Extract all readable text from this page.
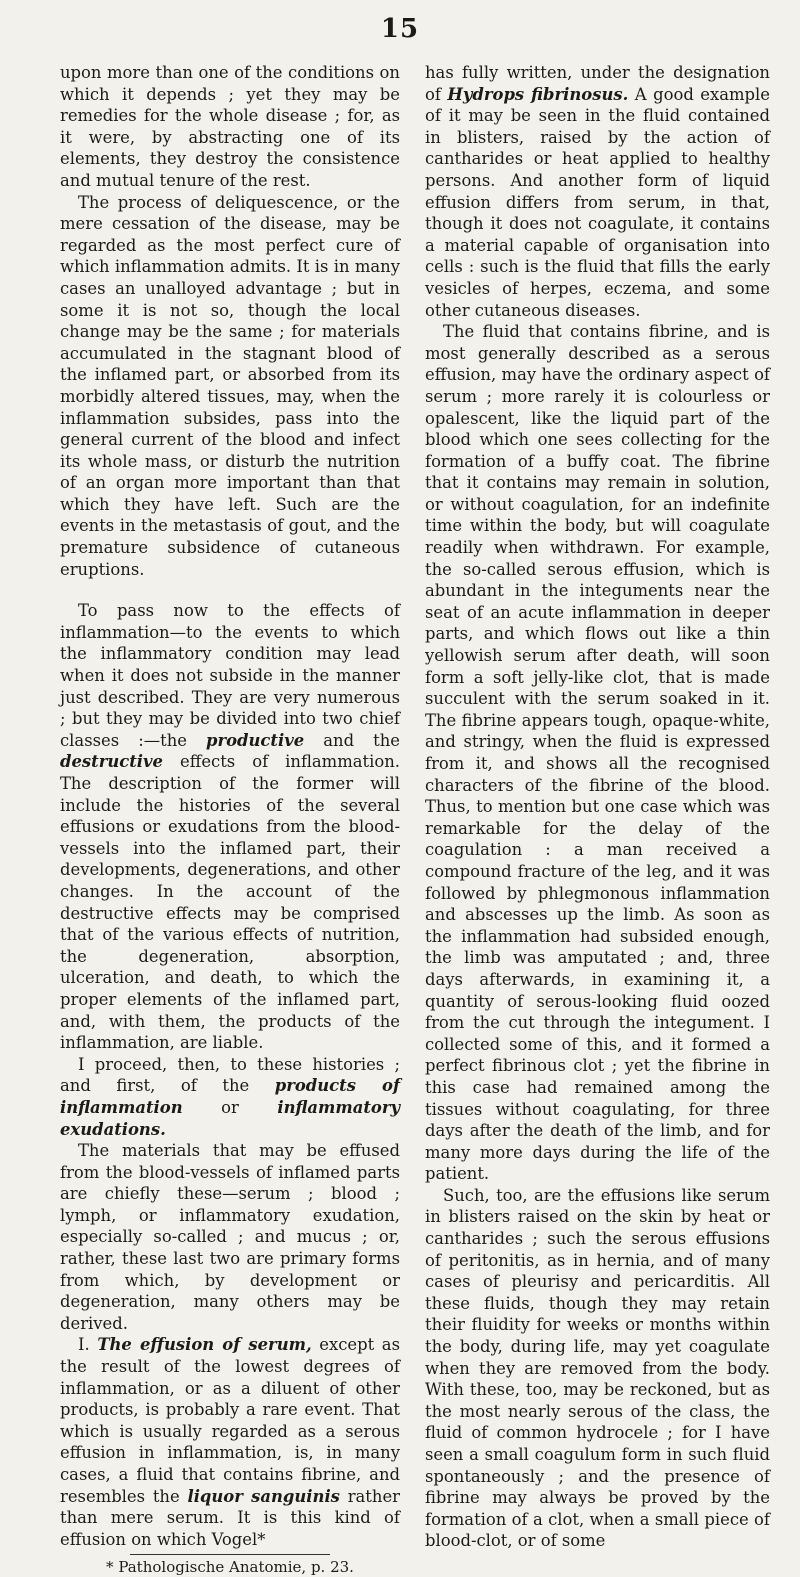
15

upon more than one of the conditions on which it depends ; yet they may be remedies for the whole disease ; for, as it were, by abstracting one of its elements, they destroy the consistence and mutual tenure of the rest.

The process of deliquescence, or the mere cessation of the disease, may be regarded as the most perfect cure of which inflammation admits. It is in many cases an unalloyed advantage ; but in some it is not so, though the local change may be the same ; for materials accumulated in the stagnant blood of the inflamed part, or absorbed from its morbidly altered tissues, may, when the inflammation subsides, pass into the general current of the blood and infect its whole mass, or disturb the nutrition of an organ more important than that which they have left. Such are the events in the metastasis of gout, and the premature subsidence of cutaneous eruptions.

To pass now to the effects of inflammation—to the events to which the inflammatory condition may lead when it does not subside in the manner just described. They are very numerous ; but they may be divided into two chief classes :—the productive and the destructive effects of inflammation. The description of the former will include the histories of the several effusions or exudations from the blood-vessels into the inflamed part, their developments, degenerations, and other changes. In the account of the destructive effects may be comprised that of the various effects of nutrition, the degeneration, absorption, ulceration, and death, to which the proper elements of the inflamed part, and, with them, the products of the inflammation, are liable.

I proceed, then, to these histories ; and first, of the products of inflammation or inflammatory exudations.

The materials that may be effused from the blood-vessels of inflamed parts are chiefly these—serum ; blood ; lymph, or inflammatory exudation, especially so-called ; and mucus ; or, rather, these last two are primary forms from which, by development or degeneration, many others may be derived.

I. The effusion of serum, except as the result of the lowest degrees of inflammation, or as a diluent of other products, is probably a rare event. That which is usually regarded as a serous effusion in inflammation, is, in many cases, a fluid that contains fibrine, and resembles the liquor sanguinis rather than mere serum. It is this kind of effusion on which Vogel*

* Pathologische Anatomie, p. 23.

has fully written, under the designation of Hydrops fibrinosus. A good example of it may be seen in the fluid contained in blisters, raised by the action of cantharides or heat applied to healthy persons. And another form of liquid effusion differs from serum, in that, though it does not coagulate, it contains a material capable of organisation into cells : such is the fluid that fills the early vesicles of herpes, eczema, and some other cutaneous diseases.

The fluid that contains fibrine, and is most generally described as a serous effusion, may have the ordinary aspect of serum ; more rarely it is colourless or opalescent, like the liquid part of the blood which one sees collecting for the formation of a buffy coat. The fibrine that it contains may remain in solution, or without coagulation, for an indefinite time within the body, but will coagulate readily when withdrawn. For example, the so-called serous effusion, which is abundant in the integuments near the seat of an acute inflammation in deeper parts, and which flows out like a thin yellowish serum after death, will soon form a soft jelly-like clot, that is made succulent with the serum soaked in it. The fibrine appears tough, opaque-white, and stringy, when the fluid is expressed from it, and shows all the recognised characters of the fibrine of the blood. Thus, to mention but one case which was remarkable for the delay of the coagulation : a man received a compound fracture of the leg, and it was followed by phlegmonous inflammation and abscesses up the limb. As soon as the inflammation had subsided enough, the limb was amputated ; and, three days afterwards, in examining it, a quantity of serous-looking fluid oozed from the cut through the integument. I collected some of this, and it formed a perfect fibrinous clot ; yet the fibrine in this case had remained among the tissues without coagulating, for three days after the death of the limb, and for many more days during the life of the patient.

Such, too, are the effusions like serum in blisters raised on the skin by heat or cantharides ; such the serous effusions of peritonitis, as in hernia, and of many cases of pleurisy and pericarditis. All these fluids, though they may retain their fluidity for weeks or months within the body, during life, may yet coagulate when they are removed from the body. With these, too, may be reckoned, but as the most nearly serous of the class, the fluid of common hydrocele ; for I have seen a small coagulum form in such fluid spontaneously ; and the presence of fibrine may always be proved by the formation of a clot, when a small piece of blood-clot, or of some
